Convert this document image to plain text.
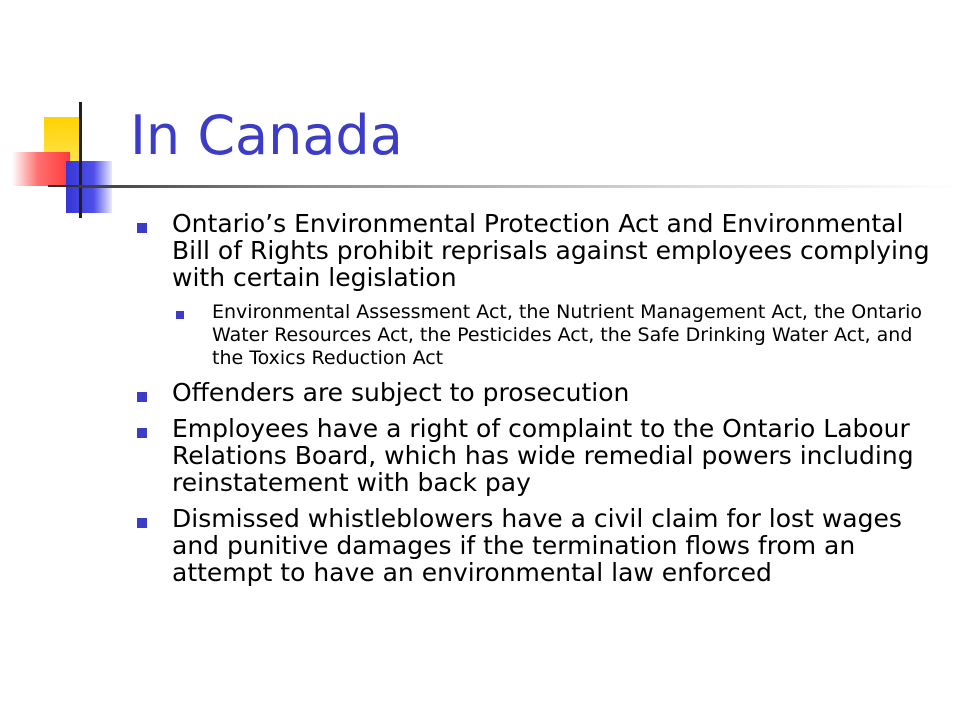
In Canada
Ontario’s Environmental Protection Act and Environmental Bill of Rights prohibit reprisals against employees complying with certain legislation
Environmental Assessment Act, the Nutrient Management Act, the Ontario Water Resources Act, the Pesticides Act, the Safe Drinking Water Act, and the Toxics Reduction Act
Offenders are subject to prosecution
Employees have a right of complaint to the Ontario Labour Relations Board, which has wide remedial powers including reinstatement with back pay
Dismissed whistleblowers have a civil claim for lost wages and punitive damages if the termination flows from an attempt to have an environmental law enforced
